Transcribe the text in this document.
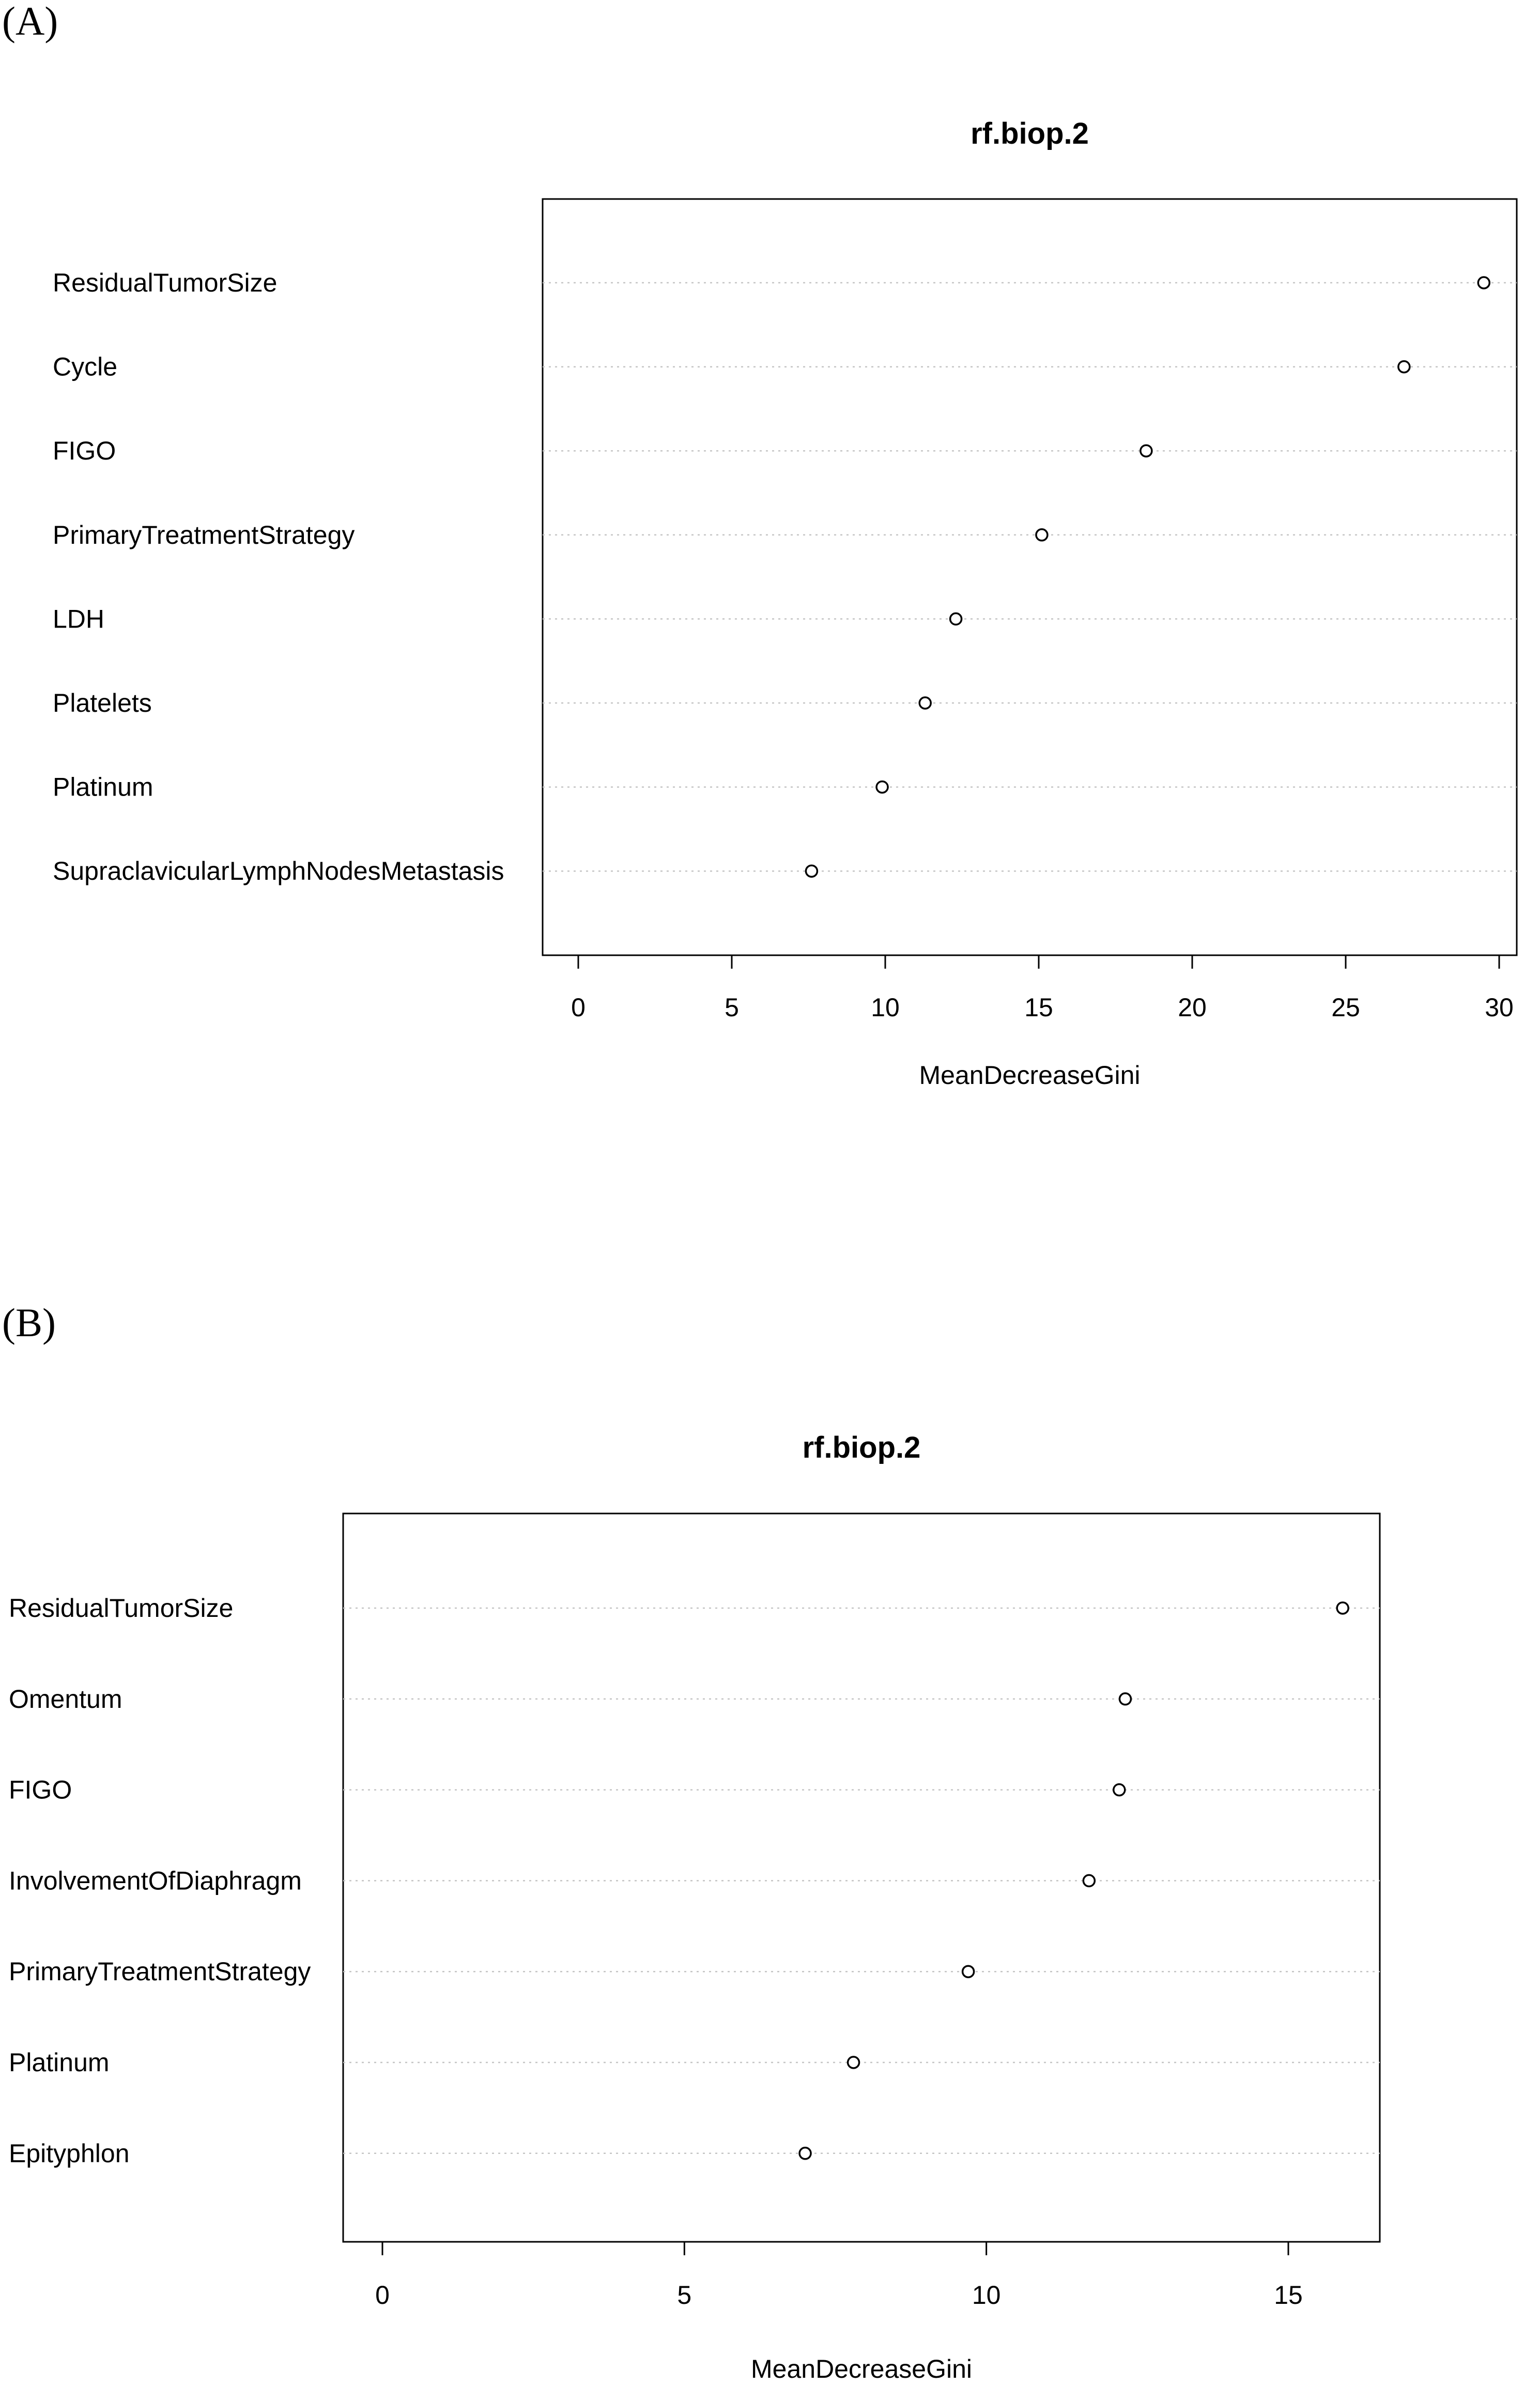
(A)
rf.biop.2
ResidualTumorSize
Cycle
FIGO
PrimaryTreatmentStrategy
LDH
Platelets
Platinum
SupraclavicularLymphNodesMetastasis
0	5	10	15	20	25	30
MeanDecreaseGini
(B)
rf.biop.2
ResidualTumorSize
Omentum
FIGO
InvolvementOfDiaphragm
PrimaryTreatmentStrategy
Platinum
Epityphlon
0	5	10	15
MeanDecreaseGini
